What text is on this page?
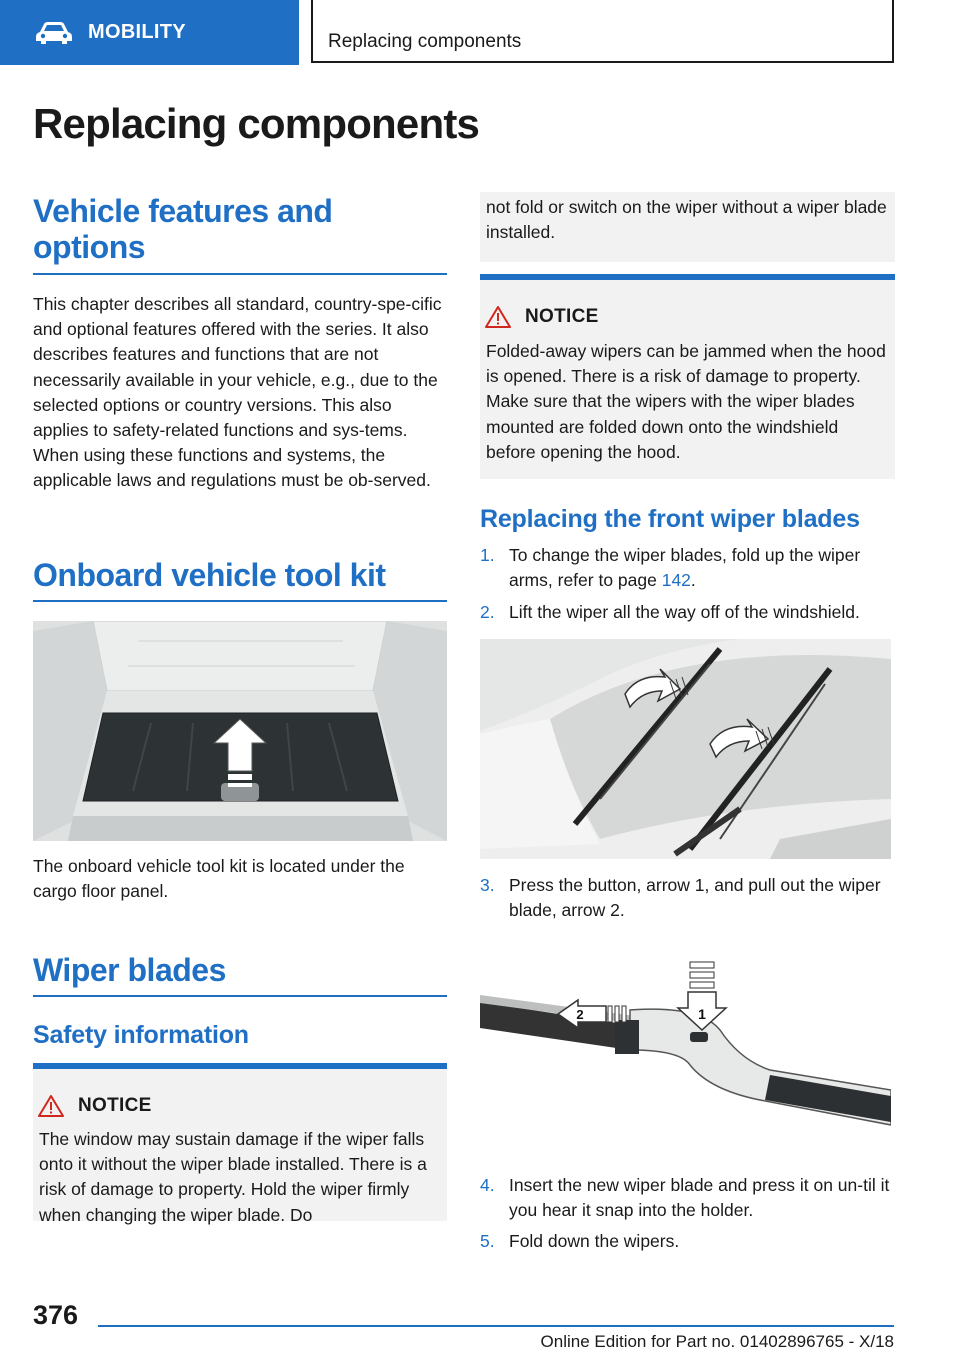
MOBILITY	Replacing components
Replacing components
Vehicle features and options

This chapter describes all standard, country-spe-cific and optional features offered with the series. It also describes features and functions that are not necessarily available in your vehicle, e.g., due to the selected options or country versions. This also applies to safety-related functions and sys-tems. When using these functions and systems, the applicable laws and regulations must be ob-served.

Onboard vehicle tool kit

The onboard vehicle tool kit is located under the cargo floor panel.

Wiper blades
Safety information
NOTICE

The window may sustain damage if the wiper falls onto it without the wiper blade installed. There is a risk of damage to property. Hold the wiper firmly when changing the wiper blade. Do

not fold or switch on the wiper without a wiper blade installed.

NOTICE

Folded-away wipers can be jammed when the hood is opened. There is a risk of damage to property. Make sure that the wipers with the wiper blades mounted are folded down onto the windshield before opening the hood.

Replacing the front wiper blades
1. To change the wiper blades, fold up the wiper arms, refer to page 142.
2. Lift the wiper all the way off of the windshield.
3. Press the button, arrow 1, and pull out the wiper blade, arrow 2.
1
2
4. Insert the new wiper blade and press it on un-til it you hear it snap into the holder.
5. Fold down the wipers.
376
Online Edition for Part no. 01402896765 - X/18
